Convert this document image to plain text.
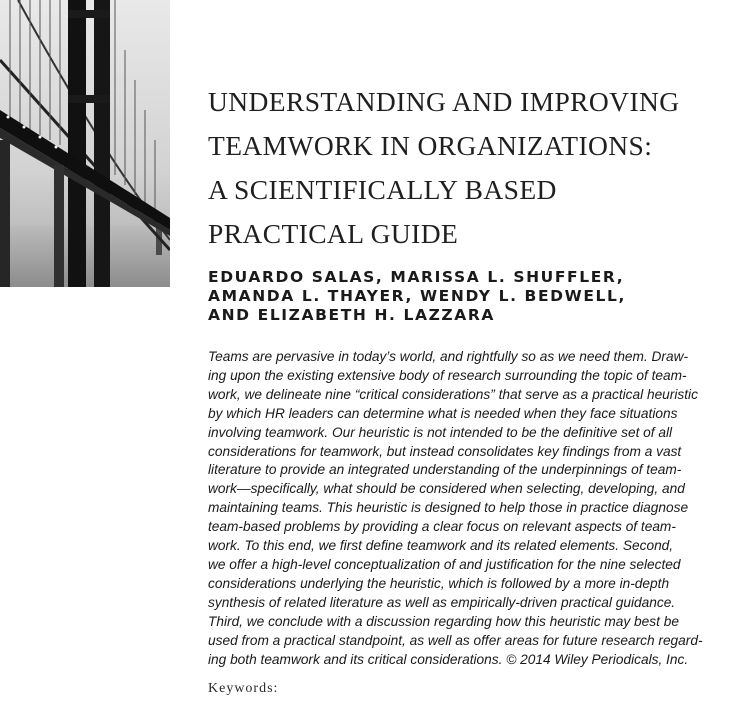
UNDERSTANDING AND IMPROVING
TEAMWORK IN ORGANIZATIONS:
A SCIENTIFICALLY BASED
PRACTICAL GUIDE
EDUARDO SALAS, MARISSA L. SHUFFLER,
AMANDA L. THAYER, WENDY L. BEDWELL,
AND ELIZABETH H. LAZZARA
Teams are pervasive in today’s world, and rightfully so as we need them. Draw-
ing upon the existing extensive body of research surrounding the topic of team-
work, we delineate nine “critical considerations” that serve as a practical heuristic
by which HR leaders can determine what is needed when they face situations
involving teamwork. Our heuristic is not intended to be the definitive set of all
considerations for teamwork, but instead consolidates key findings from a vast
literature to provide an integrated understanding of the underpinnings of team-
work—specifically, what should be considered when selecting, developing, and
maintaining teams. This heuristic is designed to help those in practice diagnose
team-based problems by providing a clear focus on relevant aspects of team-
work. To this end, we first define teamwork and its related elements. Second,
we offer a high-level conceptualization of and justification for the nine selected
considerations underlying the heuristic, which is followed by a more in-depth
synthesis of related literature as well as empirically-driven practical guidance.
Third, we conclude with a discussion regarding how this heuristic may best be
used from a practical standpoint, as well as offer areas for future research regard-
ing both teamwork and its critical considerations. © 2014 Wiley Periodicals, Inc.
Keywords:
